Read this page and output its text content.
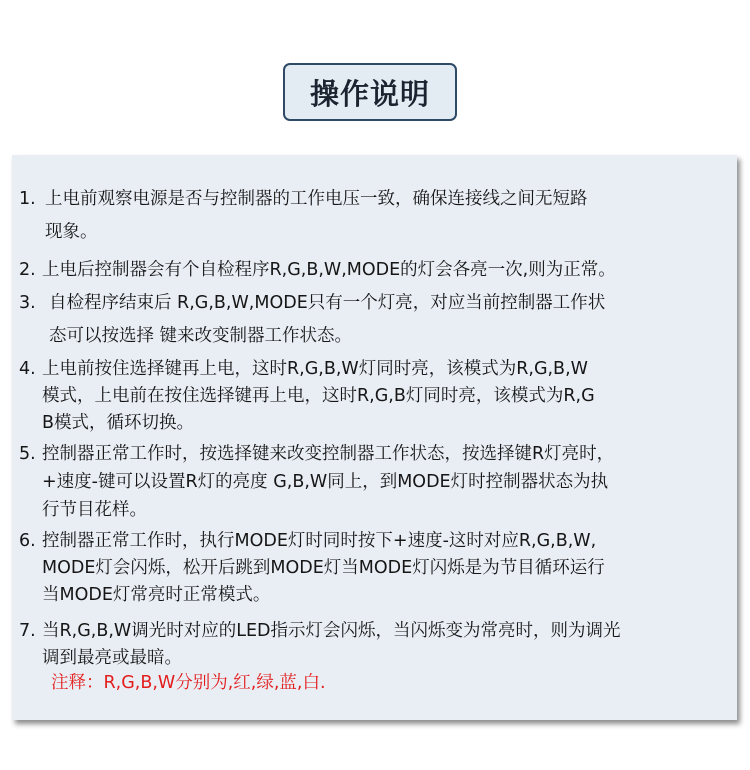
操作说明
1. 上电前观察电源是否与控制器的工作电压一致，确保连接线之间无短路
现象。
2. 上电后控制器会有个自检程序R,G,B,W,MODE的灯会各亮一次,则为正常。
3. 自检程序结束后 R,G,B,W,MODE只有一个灯亮，对应当前控制器工作状
态可以按选择 键来改变制器工作状态。
4. 上电前按住选择键再上电，这时R,G,B,W灯同时亮，该模式为R,G,B,W
模式，上电前在按住选择键再上电，这时R,G,B灯同时亮，该模式为R,G
B模式，循环切换。
5. 控制器正常工作时，按选择键来改变控制器工作状态，按选择键R灯亮时，
+速度-键可以设置R灯的亮度 G,B,W同上，到MODE灯时控制器状态为执
行节目花样。
6. 控制器正常工作时，执行MODE灯时同时按下+速度-这时对应R,G,B,W,
MODE灯会闪烁，松开后跳到MODE灯当MODE灯闪烁是为节目循环运行
当MODE灯常亮时正常模式。
7. 当R,G,B,W调光时对应的LED指示灯会闪烁，当闪烁变为常亮时，则为调光
调到最亮或最暗。
注释：R,G,B,W分别为,红,绿,蓝,白.
